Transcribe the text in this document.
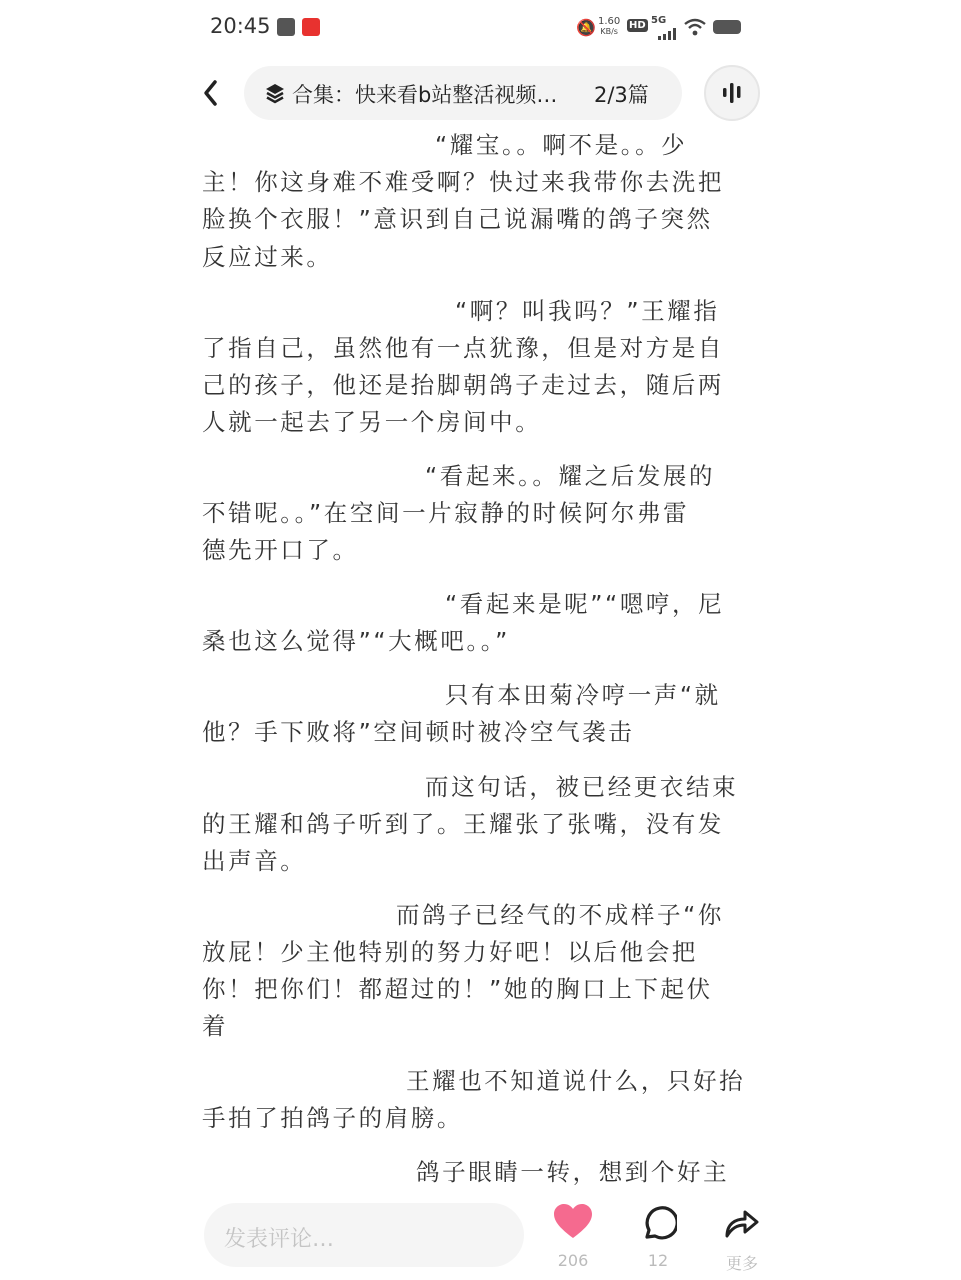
20:45	🔕 1.60
KB/s
HD 5G
合集：快来看b站整活视频… 2/3篇
“耀宝。。啊不是。。少
主！你这身难不难受啊？快过来我带你去洗把
脸换个衣服！”意识到自己说漏嘴的鸽子突然
反应过来。
“啊？叫我吗？”王耀指
了指自己，虽然他有一点犹豫，但是对方是自
己的孩子，他还是抬脚朝鸽子走过去，随后两
人就一起去了另一个房间中。
“看起来。。耀之后发展的
不错呢。。”在空间一片寂静的时候阿尔弗雷
德先开口了。
“看起来是呢”“嗯哼，尼
桑也这么觉得”“大概吧。。”
只有本田菊冷哼一声“就
他？手下败将”空间顿时被冷空气袭击
而这句话，被已经更衣结束
的王耀和鸽子听到了。王耀张了张嘴，没有发
出声音。
而鸽子已经气的不成样子“你
放屁！少主他特别的努力好吧！以后他会把
你！把你们！都超过的！”她的胸口上下起伏
着
王耀也不知道说什么，只好抬
手拍了拍鸽子的肩膀。
鸽子眼睛一转，想到个好主
发表评论…
206	12	更多
